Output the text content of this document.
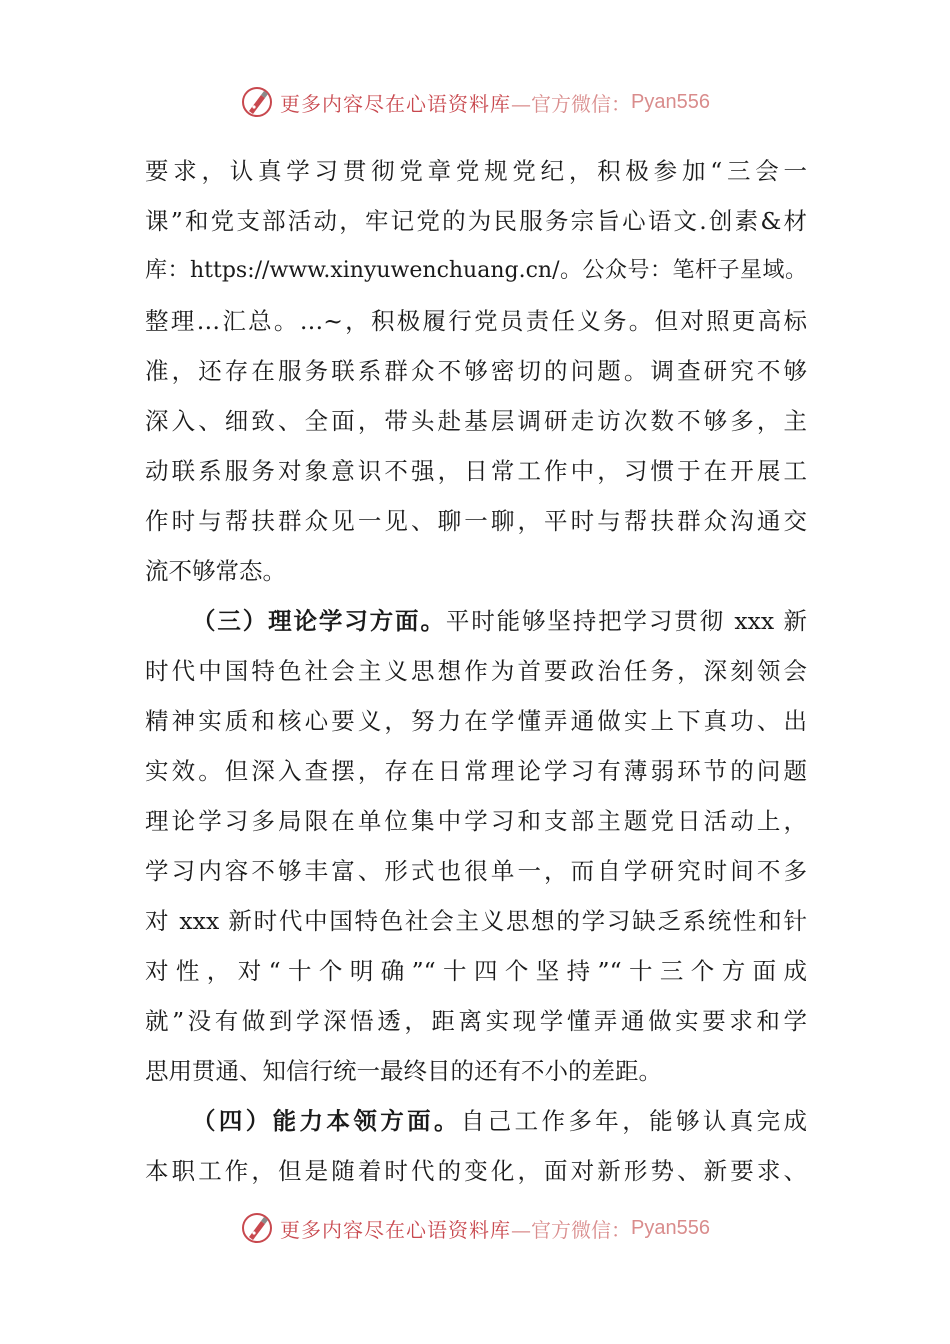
更多内容尽在心语资料库 —官方微信： Pyan556
要求，认真学习贯彻党章党规党纪，积极参加“三会一
课”和党支部活动，牢记党的为民服务宗旨心语文.创素&材
库：https://www.xinyuwenchuang.cn/。公众号：笔杆子星域。
整理…汇总。…~，积极履行党员责任义务。但对照更高标
准，还存在服务联系群众不够密切的问题。调查研究不够
深入、细致、全面，带头赴基层调研走访次数不够多，主
动联系服务对象意识不强，日常工作中，习惯于在开展工
作时与帮扶群众见一见、聊一聊，平时与帮扶群众沟通交
流不够常态。
（三）理论学习方面。平时能够坚持把学习贯彻 xxx 新
时代中国特色社会主义思想作为首要政治任务，深刻领会
精神实质和核心要义，努力在学懂弄通做实上下真功、出
实效。但深入查摆，存在日常理论学习有薄弱环节的问题
理论学习多局限在单位集中学习和支部主题党日活动上，
学习内容不够丰富、形式也很单一，而自学研究时间不多
对 xxx 新时代中国特色社会主义思想的学习缺乏系统性和针
对性，对“十个明确”“十四个坚持”“十三个方面成
就”没有做到学深悟透，距离实现学懂弄通做实要求和学
思用贯通、知信行统一最终目的还有不小的差距。
（四）能力本领方面。自己工作多年，能够认真完成
本职工作，但是随着时代的变化，面对新形势、新要求、
更多内容尽在心语资料库 —官方微信： Pyan556
